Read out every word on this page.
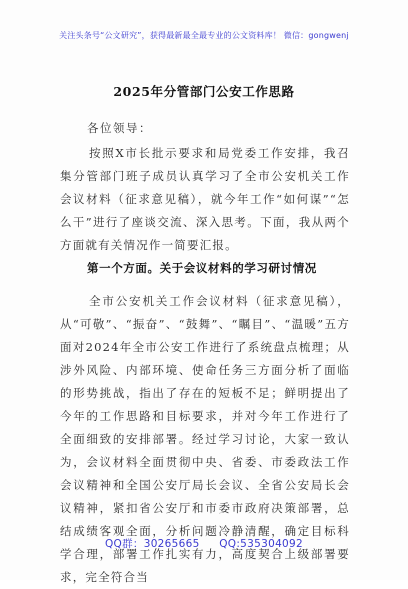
关注头条号“公文研究”，获得最新最全最专业的公文资料库！ 微信：gongwenj
2025年分管部门公安工作思路
各位领导：
按照X市长批示要求和局党委工作安排，我召集分管部门班子成员认真学习了全市公安机关工作会议材料（征求意见稿），就今年工作“如何谋”“怎么干”进行了座谈交流、深入思考。下面，我从两个方面就有关情况作一简要汇报。
第一个方面。关于会议材料的学习研讨情况
全市公安机关工作会议材料（征求意见稿），从“可敬”、“振奋”、“鼓舞”、“瞩目”、“温暖”五方面对2024年全市公安工作进行了系统盘点梳理；从涉外风险、内部环境、使命任务三方面分析了面临的形势挑战，指出了存在的短板不足；鲜明提出了今年的工作思路和目标要求，并对今年工作进行了全面细致的安排部署。经过学习讨论，大家一致认为，会议材料全面贯彻中央、省委、市委政法工作会议精神和全国公安厅局长会议、全省公安局长会议精神，紧扣省公安厅和市委市政府决策部署，总结成绩客观全面，分析问题冷静清醒，确定目标科学合理，部署工作扎实有力，高度契合上级部署要求，完全符合当
QQ群：30265665 QQ:535304092
